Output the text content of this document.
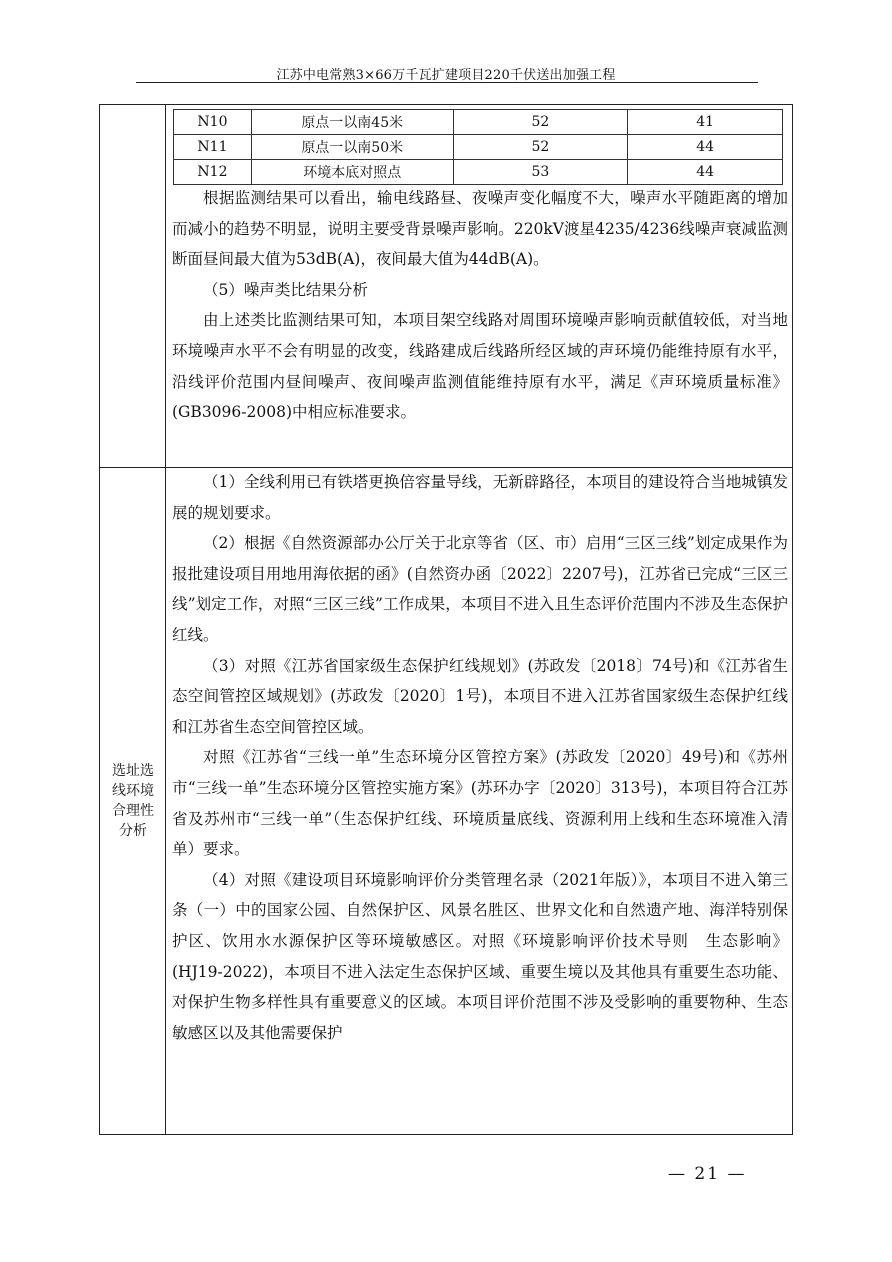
江苏中电常熟3×66万千瓦扩建项目220千伏送出加强工程
N10	原点一以南45米	52	41
N11	原点一以南50米	52	44
N12	环境本底对照点	53	44

根据监测结果可以看出，输电线路昼、夜噪声变化幅度不大，噪声水平随距离的增加而减小的趋势不明显，说明主要受背景噪声影响。220kV渡星4235/4236线噪声衰减监测断面昼间最大值为53dB(A)，夜间最大值为44dB(A)。

（5）噪声类比结果分析

由上述类比监测结果可知，本项目架空线路对周围环境噪声影响贡献值较低，对当地环境噪声水平不会有明显的改变，线路建成后线路所经区域的声环境仍能维持原有水平，沿线评价范围内昼间噪声、夜间噪声监测值能维持原有水平，满足《声环境质量标准》(GB3096-2008)中相应标准要求。

选址选
线环境
合理性
分析

（1）全线利用已有铁塔更换倍容量导线，无新辟路径，本项目的建设符合当地城镇发展的规划要求。

（2）根据《自然资源部办公厅关于北京等省（区、市）启用“三区三线”划定成果作为报批建设项目用地用海依据的函》(自然资办函〔2022〕2207号)，江苏省已完成“三区三线”划定工作，对照“三区三线”工作成果，本项目不进入且生态评价范围内不涉及生态保护红线。

（3）对照《江苏省国家级生态保护红线规划》(苏政发〔2018〕74号)和《江苏省生态空间管控区域规划》(苏政发〔2020〕1号)，本项目不进入江苏省国家级生态保护红线和江苏省生态空间管控区域。

对照《江苏省“三线一单”生态环境分区管控方案》(苏政发〔2020〕49号)和《苏州市“三线一单”生态环境分区管控实施方案》(苏环办字〔2020〕313号)，本项目符合江苏省及苏州市“三线一单”（生态保护红线、环境质量底线、资源利用上线和生态环境准入清单）要求。

（4）对照《建设项目环境影响评价分类管理名录（2021年版）》，本项目不进入第三条（一）中的国家公园、自然保护区、风景名胜区、世界文化和自然遗产地、海洋特别保护区、饮用水水源保护区等环境敏感区。对照《环境影响评价技术导则　生态影响》(HJ19-2022)，本项目不进入法定生态保护区域、重要生境以及其他具有重要生态功能、对保护生物多样性具有重要意义的区域。本项目评价范围不涉及受影响的重要物种、生态敏感区以及其他需要保护

— 21 —
